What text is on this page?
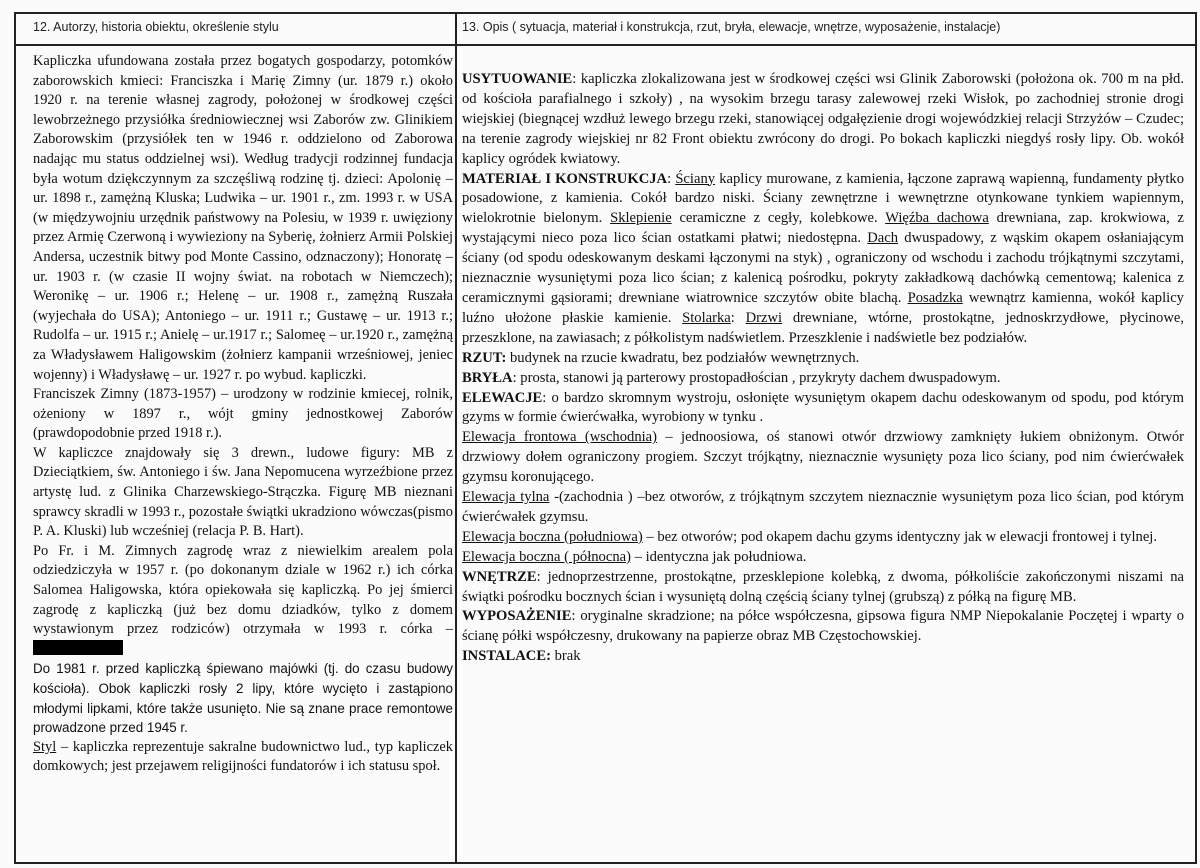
12. Autorzy, historia obiektu, określenie stylu	13. Opis ( sytuacja, materiał i konstrukcja, rzut, bryła, elewacje, wnętrze, wyposażenie, instalacje)

Kapliczka ufundowana została przez bogatych gospodarzy, potomków zaborowskich kmieci: Franciszka i Marię Zimny (ur. 1879 r.) około 1920 r. na terenie własnej zagrody, położonej w środkowej części lewobrzeżnego przysiółka średniowiecznej wsi Zaborów zw. Glinikiem Zaborowskim (przysiółek ten w 1946 r. oddzielono od Zaborowa nadając mu status oddzielnej wsi). Według tradycji rodzinnej fundacja była wotum dziękczynnym za szczęśliwą rodzinę tj. dzieci: Apolonię – ur. 1898 r., zamężną Kluska; Ludwika – ur. 1901 r., zm. 1993 r. w USA (w międzywojniu urzędnik państwowy na Polesiu, w 1939 r. uwięziony przez Armię Czerwoną i wywieziony na Syberię, żołnierz Armii Polskiej Andersa, uczestnik bitwy pod Monte Cassino, odznaczony); Honoratę – ur. 1903 r. (w czasie II wojny świat. na robotach w Niemczech); Weronikę – ur. 1906 r.; Helenę – ur. 1908 r., zamężną Ruszała (wyjechała do USA); Antoniego – ur. 1911 r.; Gustawę – ur. 1913 r.; Rudolfa – ur. 1915 r.; Anielę – ur.1917 r.; Salomeę – ur.1920 r., zamężną za Władysławem Haligowskim (żołnierz kampanii wrześniowej, jeniec wojenny) i Władysławę – ur. 1927 r. po wybud. kapliczki.

Franciszek Zimny (1873-1957) – urodzony w rodzinie kmiecej, rolnik, ożeniony w 1897 r., wójt gminy jednostkowej Zaborów (prawdopodobnie przed 1918 r.).

W kapliczce znajdowały się 3 drewn., ludowe figury: MB z Dzieciątkiem, św. Antoniego i św. Jana Nepomucena wyrzeźbione przez artystę lud. z Glinika Charzewskiego-Strączka. Figurę MB nieznani sprawcy skradli w 1993 r., pozostałe świątki ukradziono wówczas(pismo P. A. Kluski) lub wcześniej (relacja P. B. Hart).

Po Fr. i M. Zimnych zagrodę wraz z niewielkim arealem pola odziedziczyła w 1957 r. (po dokonanym dziale w 1962 r.) ich córka Salomea Haligowska, która opiekowała się kapliczką. Po jej śmierci zagrodę z kapliczką (już bez domu dziadków, tylko z domem wystawionym przez rodziców) otrzymała w 1993 r. córka –

Do 1981 r. przed kapliczką śpiewano majówki (tj. do czasu budowy kościoła). Obok kapliczki rosły 2 lipy, które wycięto i zastąpiono młodymi lipkami, które także usunięto. Nie są znane prace remontowe prowadzone przed 1945 r.

Styl – kapliczka reprezentuje sakralne budownictwo lud., typ kapliczek domkowych; jest przejawem religijności fundatorów i ich statusu społ.

USYTUOWANIE: kapliczka zlokalizowana jest w środkowej części wsi Glinik Zaborowski (położona ok. 700 m na płd. od kościoła parafialnego i szkoły) , na wysokim brzegu tarasy zalewowej rzeki Wisłok, po zachodniej stronie drogi wiejskiej (biegnącej wzdłuż lewego brzegu rzeki, stanowiącej odgałęzienie drogi wojewódzkiej relacji Strzyżów – Czudec; na terenie zagrody wiejskiej nr 82 Front obiektu zwrócony do drogi. Po bokach kapliczki niegdyś rosły lipy. Ob. wokół kaplicy ogródek kwiatowy.

MATERIAŁ I KONSTRUKCJA: Ściany kaplicy murowane, z kamienia, łączone zaprawą wapienną, fundamenty płytko posadowione, z kamienia. Cokół bardzo niski. Ściany zewnętrzne i wewnętrzne otynkowane tynkiem wapiennym, wielokrotnie bielonym. Sklepienie ceramiczne z cegły, kolebkowe. Więźba dachowa drewniana, zap. krokwiowa, z wystającymi nieco poza lico ścian ostatkami płatwi; niedostępna. Dach dwuspadowy, z wąskim okapem osłaniającym ściany (od spodu odeskowanym deskami łączonymi na styk) , ograniczony od wschodu i zachodu trójkątnymi szczytami, nieznacznie wysuniętymi poza lico ścian; z kalenicą pośrodku, pokryty zakładkową dachówką cementową; kalenica z ceramicznymi gąsiorami; drewniane wiatrownice szczytów obite blachą. Posadzka wewnątrz kamienna, wokół kaplicy luźno ułożone płaskie kamienie. Stolarka: Drzwi drewniane, wtórne, prostokątne, jednoskrzydłowe, płycinowe, przeszklone, na zawiasach; z półkolistym nadświetlem. Przeszklenie i nadświetle bez podziałów.

RZUT: budynek na rzucie kwadratu, bez podziałów wewnętrznych.

BRYŁA: prosta, stanowi ją parterowy prostopadłościan , przykryty dachem dwuspadowym.

ELEWACJE: o bardzo skromnym wystroju, osłonięte wysuniętym okapem dachu odeskowanym od spodu, pod którym gzyms w formie ćwierćwałka, wyrobiony w tynku .

Elewacja frontowa (wschodnia) – jednoosiowa, oś stanowi otwór drzwiowy zamknięty łukiem obniżonym. Otwór drzwiowy dołem ograniczony progiem. Szczyt trójkątny, nieznacznie wysunięty poza lico ściany, pod nim ćwierćwałek gzymsu koronującego.

Elewacja tylna -(zachodnia ) –bez otworów, z trójkątnym szczytem nieznacznie wysuniętym poza lico ścian, pod którym ćwierćwałek gzymsu.

Elewacja boczna (południowa) – bez otworów; pod okapem dachu gzyms identyczny jak w elewacji frontowej i tylnej.

Elewacja boczna ( północna) – identyczna jak południowa.

WNĘTRZE: jednoprzestrzenne, prostokątne, przesklepione kolebką, z dwoma, półkoliście zakończonymi niszami na świątki pośrodku bocznych ścian i wysuniętą dolną częścią ściany tylnej (grubszą) z półką na figurę MB.

WYPOSAŻENIE: oryginalne skradzione; na półce współczesna, gipsowa figura NMP Niepokalanie Poczętej i wparty o ścianę półki współczesny, drukowany na papierze obraz MB Częstochowskiej.

INSTALACE: brak
